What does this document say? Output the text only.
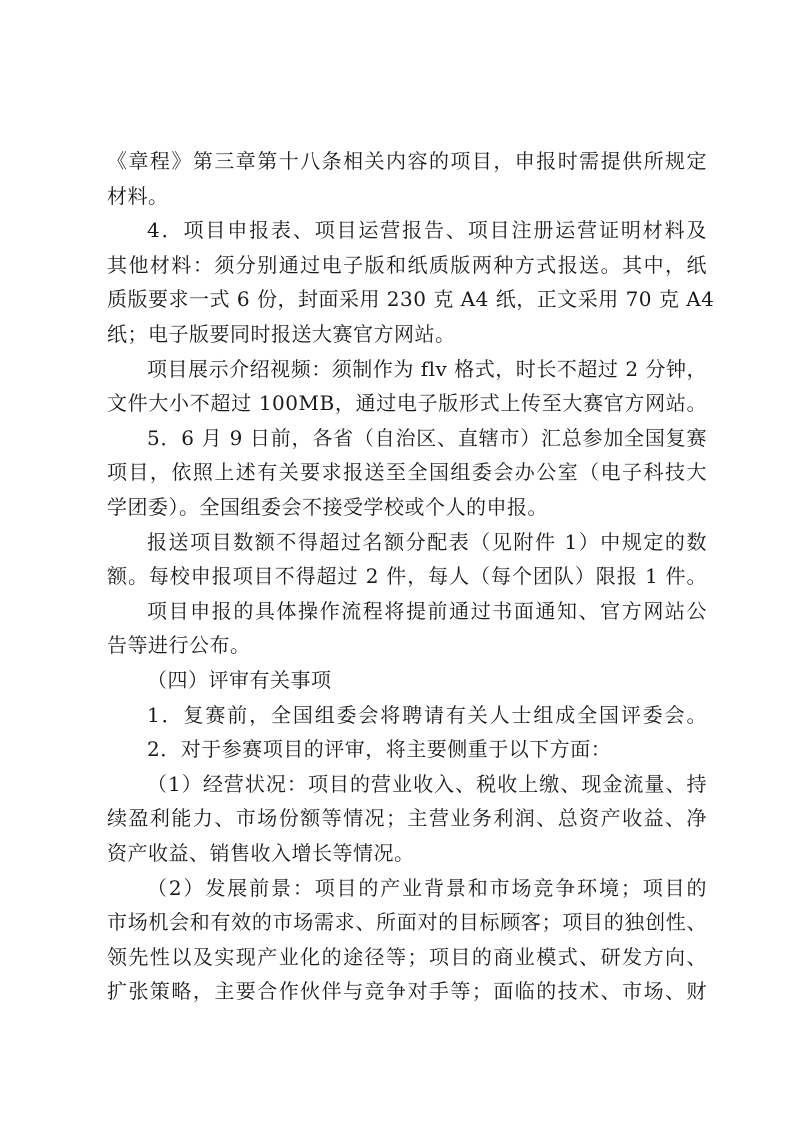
《章程》第三章第十八条相关内容的项目，申报时需提供所规定
材料。
4．项目申报表、项目运营报告、项目注册运营证明材料及
其他材料：须分别通过电子版和纸质版两种方式报送。其中，纸
质版要求一式 6 份，封面采用 230 克 A4 纸，正文采用 70 克 A4
纸；电子版要同时报送大赛官方网站。
项目展示介绍视频：须制作为 flv 格式，时长不超过 2 分钟，
文件大小不超过 100MB，通过电子版形式上传至大赛官方网站。
5．6 月 9 日前，各省（自治区、直辖市）汇总参加全国复赛
项目，依照上述有关要求报送至全国组委会办公室（电子科技大
学团委）。全国组委会不接受学校或个人的申报。
报送项目数额不得超过名额分配表（见附件 1）中规定的数
额。每校申报项目不得超过 2 件，每人（每个团队）限报 1 件。
项目申报的具体操作流程将提前通过书面通知、官方网站公
告等进行公布。
（四）评审有关事项
1．复赛前，全国组委会将聘请有关人士组成全国评委会。
2．对于参赛项目的评审，将主要侧重于以下方面：
（1）经营状况：项目的营业收入、税收上缴、现金流量、持
续盈利能力、市场份额等情况；主营业务利润、总资产收益、净
资产收益、销售收入增长等情况。
（2）发展前景：项目的产业背景和市场竞争环境；项目的
市场机会和有效的市场需求、所面对的目标顾客；项目的独创性、
领先性以及实现产业化的途径等；项目的商业模式、研发方向、
扩张策略，主要合作伙伴与竞争对手等；面临的技术、市场、财
